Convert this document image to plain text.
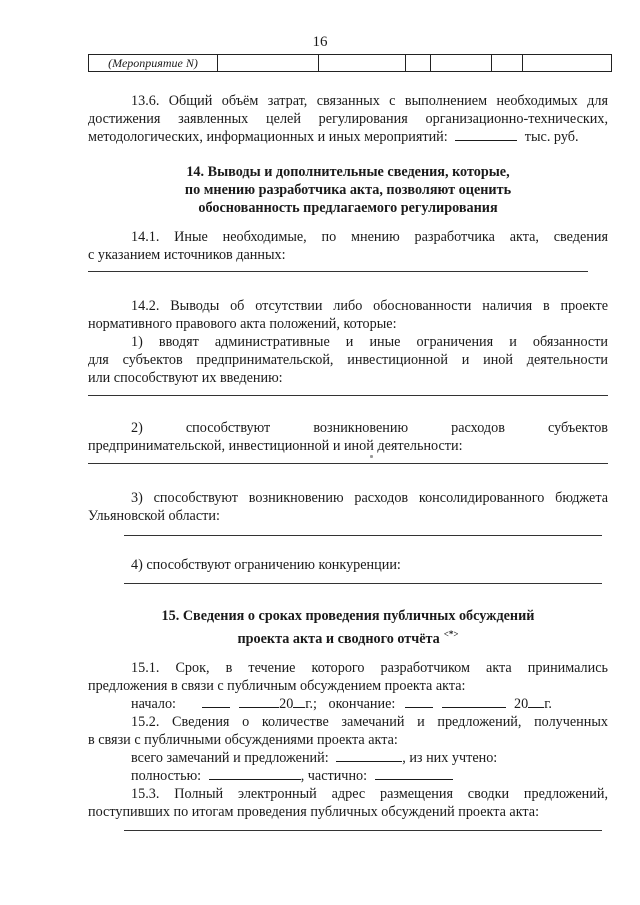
16
(Мероприятие N)						
13.6. Общий объём затрат, связанных с выполнением необходимых для
достижения заявленных целей регулирования организационно-технических,
методологических, информационных и иных мероприятий:	тыс. руб.
14. Выводы и дополнительные сведения, которые,
по мнению разработчика акта, позволяют оценить
обоснованность предлагаемого регулирования
14.1. Иные необходимые, по мнению разработчика акта, сведения
с указанием источников данных:
14.2. Выводы об отсутствии либо обоснованности наличия в проекте
нормативного правового акта положений, которые:
1) вводят административные и иные ограничения и обязанности
для субъектов предпринимательской, инвестиционной и иной деятельности
или способствуют их введению:
2) способствуют возникновению расходов субъектов
предпринимательской, инвестиционной и иной деятельности:
3) способствуют возникновению расходов консолидированного бюджета
Ульяновской области:
4) способствуют ограничению конкуренции:
15. Сведения о сроках проведения публичных обсуждений
проекта акта и сводного отчёта <*>
15.1. Срок, в течение которого разработчиком акта принимались
предложения в связи с публичным обсуждением проекта акта:
начало:	20 г.; окончание:	20 г.
15.2. Сведения о количестве замечаний и предложений, полученных
в связи с публичными обсуждениями проекта акта:
всего замечаний и предложений:	, из них учтено:
полностью:	, частично:
15.3. Полный электронный адрес размещения сводки предложений,
поступивших по итогам проведения публичных обсуждений проекта акта:
